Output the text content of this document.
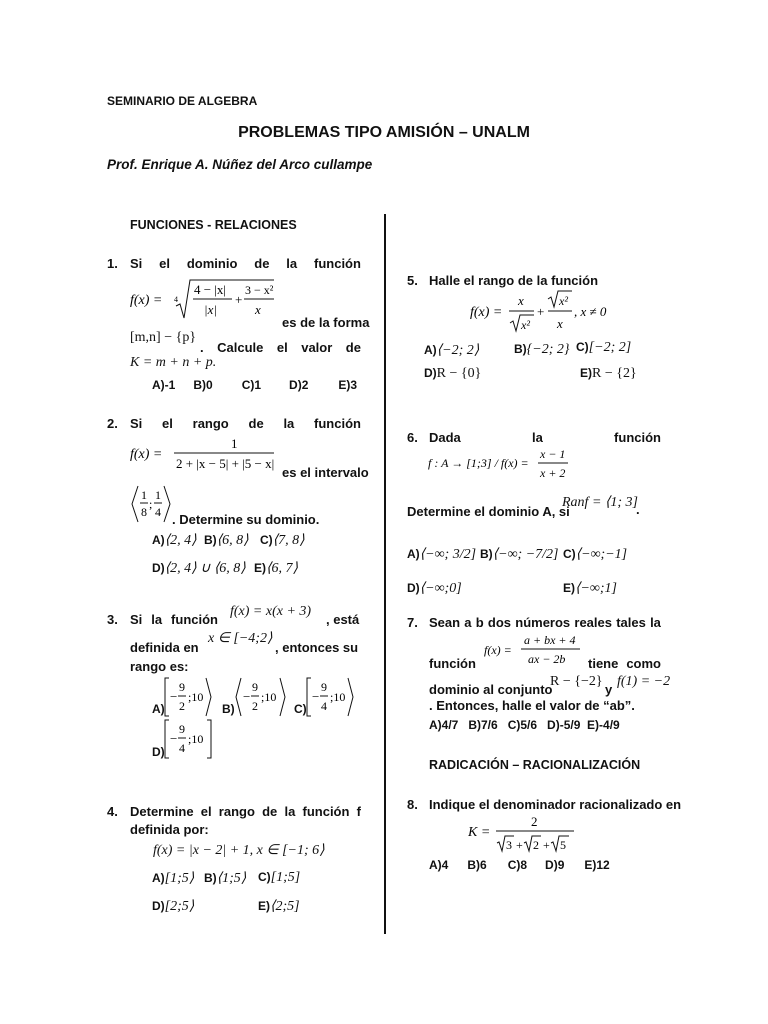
SEMINARIO DE ALGEBRA
PROBLEMAS TIPO AMISIÓN – UNALM
Prof. Enrique A. Núñez del Arco cullampe
FUNCIONES - RELACIONES
1. Si el dominio de la función
f(x) = 4
4 − |x|
|x|
+
3 − x²
x
es de la forma
[m,n] − {p}
. Calcule el valor de
K = m + n + p.
A)-1 B)0 C)1 D)2	E)3
2. Si el rango de la función
f(x) =
1
2 + |x − 5| + |5 − x|
es el intervalo
1
8
;
1
4 . Determine su dominio.
A)⟨2, 4⟩ B)⟨6, 8⟩ C)⟨7, 8⟩
D)⟨2, 4⟩ ∪ ⟨6, 8⟩ E)⟨6, 7⟩
3. Si la función
f(x) = x(x + 3)
, está
definida en
x ∈ [−4;2⟩
, entonces su
rango es:
A)
−
9
2
;10
B)
−
9
2
;10
C)
−
9
4
;10
D)
−
9
4
;10
4. Determine el rango de la función f
definida por:
f(x) = |x − 2| + 1, x ∈ [−1; 6⟩
A)[1;5⟩ B)⟨1;5⟩ C)[1;5]
D)[2;5⟩	E)⟨2;5]
5. Halle el rango de la función
f(x) =
x
x²
+
x²
x
, x ≠ 0
A)⟨−2; 2⟩	B){−2; 2} C)[−2; 2]
D)R − {0}	E)R − {2}
6. Dada	la	función
f : A → [1;3] / f(x) =
x − 1
x + 2
Determine el dominio A, si
Ranf = ⟨1; 3]
.
A)⟨−∞; 3/2] B)⟨−∞; −7/2] C)⟨−∞;−1]
D)⟨−∞;0]	E)⟨−∞;1]
7. Sean a b dos números reales tales la
función
f(x) =
a + bx + 4
ax − 2b tiene como
dominio al conjunto
R − {−2}
y
f(1) = −2
. Entonces, halle el valor de “ab”.
A)4/7   B)7/6   C)5/6   D)-5/9  E)-4/9
RADICACIÓN – RACIONALIZACIÓN
8. Indique el denominador racionalizado en
K =
2
3 + 2 + 5
A)4 B)6 C)8 D)9 E)12
